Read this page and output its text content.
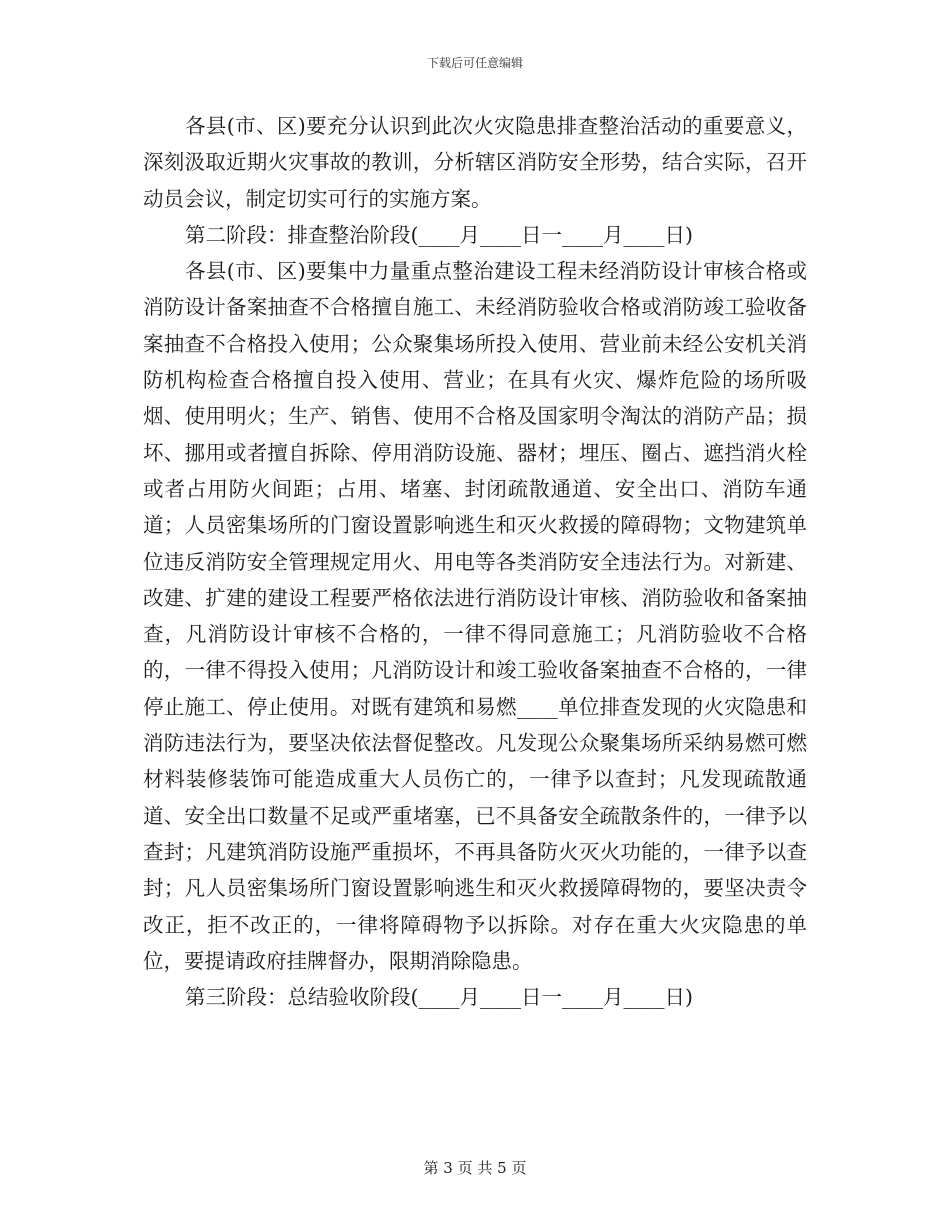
下载后可任意编辑

各县(市、区)要充分认识到此次火灾隐患排查整治活动的重要意义，深刻汲取近期火灾事故的教训，分析辖区消防安全形势，结合实际，召开动员会议，制定切实可行的实施方案。

第二阶段：排查整治阶段(____月____日一____月____日)

各县(市、区)要集中力量重点整治建设工程未经消防设计审核合格或消防设计备案抽查不合格擅自施工、未经消防验收合格或消防竣工验收备案抽查不合格投入使用；公众聚集场所投入使用、营业前未经公安机关消防机构检查合格擅自投入使用、营业；在具有火灾、爆炸危险的场所吸烟、使用明火；生产、销售、使用不合格及国家明令淘汰的消防产品；损坏、挪用或者擅自拆除、停用消防设施、器材；埋压、圈占、遮挡消火栓或者占用防火间距；占用、堵塞、封闭疏散通道、安全出口、消防车通道；人员密集场所的门窗设置影响逃生和灭火救援的障碍物；文物建筑单位违反消防安全管理规定用火、用电等各类消防安全违法行为。对新建、改建、扩建的建设工程要严格依法进行消防设计审核、消防验收和备案抽查，凡消防设计审核不合格的，一律不得同意施工；凡消防验收不合格的，一律不得投入使用；凡消防设计和竣工验收备案抽查不合格的，一律停止施工、停止使用。对既有建筑和易燃____单位排查发现的火灾隐患和消防违法行为，要坚决依法督促整改。凡发现公众聚集场所采纳易燃可燃材料装修装饰可能造成重大人员伤亡的，一律予以查封；凡发现疏散通道、安全出口数量不足或严重堵塞，已不具备安全疏散条件的，一律予以查封；凡建筑消防设施严重损坏，不再具备防火灭火功能的，一律予以查封；凡人员密集场所门窗设置影响逃生和灭火救援障碍物的，要坚决责令改正，拒不改正的，一律将障碍物予以拆除。对存在重大火灾隐患的单位，要提请政府挂牌督办，限期消除隐患。

第三阶段：总结验收阶段(____月____日一____月____日)

第 3 页 共 5 页
